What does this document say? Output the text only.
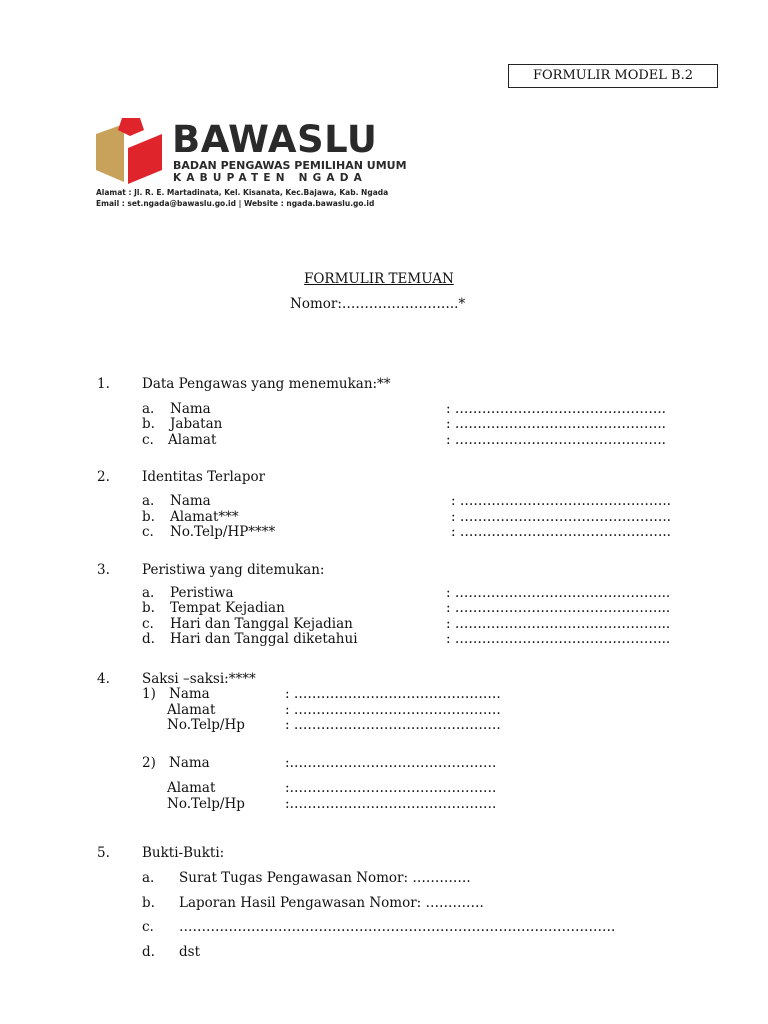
FORMULIR MODEL B.2
BAWASLU
BADAN PENGAWAS PEMILIHAN UMUM
KABUPATEN NGADA
Alamat : Jl. R. E. Martadinata, Kel. Kisanata, Kec.Bajawa, Kab. Ngada
Email : set.ngada@bawaslu.go.id | Website : ngada.bawaslu.go.id
FORMULIR TEMUAN
Nomor:……………………..*
1. Data Pengawas yang menemukan:**
a. Nama	: ………………………………………..
b. Jabatan	: ………………………………………..
c. Alamat	: ………………………………………..
2. Identitas Terlapor
a. Nama	: ………………………………………..
b. Alamat***	: ………………………………………..
c. No.Telp/HP****	: ………………………………………..
3. Peristiwa yang ditemukan:
a. Peristiwa	: ………………………………………...
b. Tempat Kejadian	: ………………………………………...
c. Hari dan Tanggal Kejadian	: ………………………………………...
d. Hari dan Tanggal diketahui	: ………………………………………...
4. Saksi –saksi:****
1) Nama	: ……………………………………….
Alamat	: ……………………………………….
No.Telp/Hp	: ……………………………………….
2) Nama	:……………………………………….
Alamat	:……………………………………….
No.Telp/Hp	:……………………………………….
5. Bukti-Bukti:
a. Surat Tugas Pengawasan Nomor: ………….
b. Laporan Hasil Pengawasan Nomor: ………….
c. …………………………………………………………………………………….
d. dst
